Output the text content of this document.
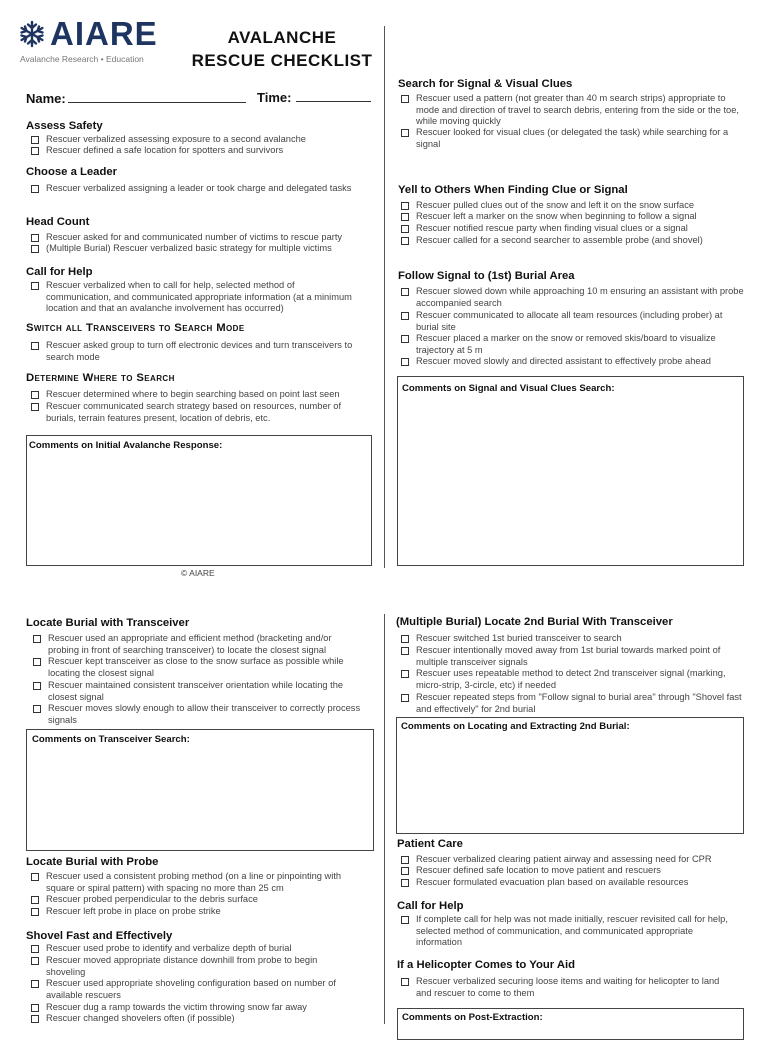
AIARE
Avalanche Research • Education
AVALANCHE
RESCUE CHECKLIST
Name:	Time:
Assess Safety
Rescuer verbalized assessing exposure to a second avalanche
Rescuer defined a safe location for spotters and survivors
Choose a Leader
Rescuer verbalized assigning a leader or took charge and delegated tasks
Head Count
Rescuer asked for and communicated number of victims to rescue party
(Multiple Burial) Rescuer verbalized basic strategy for multiple victims
Call for Help
Rescuer verbalized when to call for help, selected method of communication, and communicated appropriate information (at a minimum location and that an avalanche involvement has occurred)
Switch all Transceivers to Search Mode
Rescuer asked group to turn off electronic devices and turn transceivers to search mode
Determine Where to Search
Rescuer determined where to begin searching based on point last seen
Rescuer communicated search strategy based on resources, number of burials, terrain features present, location of debris, etc.
Comments on Initial Avalanche Response:
© AIARE
Search for Signal & Visual Clues
Rescuer used a pattern (not greater than 40 m search strips) appropriate to mode and direction of travel to search debris, entering from the side or the toe, while moving quickly
Rescuer looked for visual clues (or delegated the task) while searching for a signal
Yell to Others When Finding Clue or Signal
Rescuer pulled clues out of the snow and left it on the snow surface
Rescuer left a marker on the snow when beginning to follow a signal
Rescuer notified rescue party when finding visual clues or a signal
Rescuer called for a second searcher to assemble probe (and shovel)
Follow Signal to (1st) Burial Area
Rescuer slowed down while approaching 10 m ensuring an assistant with probe accompanied search
Rescuer communicated to allocate all team resources (including prober) at burial site
Rescuer placed a marker on the snow or removed skis/board to visualize trajectory at 5 m
Rescuer moved slowly and directed assistant to effectively probe ahead
Comments on Signal and Visual Clues Search:
Locate Burial with Transceiver
Rescuer used an appropriate and efficient method (bracketing and/or probing in front of searching transceiver) to locate the closest signal
Rescuer kept transceiver as close to the snow surface as possible while locating the closest signal
Rescuer maintained consistent transceiver orientation while locating the closest signal
Rescuer moves slowly enough to allow their transceiver to correctly process signals
Comments on Transceiver Search:
Locate Burial with Probe
Rescuer used a consistent probing method (on a line or pinpointing with square or spiral pattern) with spacing no more than 25 cm
Rescuer probed perpendicular to the debris surface
Rescuer left probe in place on probe strike
Shovel Fast and Effectively
Rescuer used probe to identify and verbalize depth of burial
Rescuer moved appropriate distance downhill from probe to begin shoveling
Rescuer used appropriate shoveling configuration based on number of available rescuers
Rescuer dug a ramp towards the victim throwing snow far away
Rescuer changed shovelers often (if possible)
(Multiple Burial) Locate 2nd Burial With Transceiver
Rescuer switched 1st buried transceiver to search
Rescuer intentionally moved away from 1st burial towards marked point of multiple transceiver signals
Rescuer uses repeatable method to detect 2nd transceiver signal (marking, micro-strip, 3-circle, etc) if needed
Rescuer repeated steps from "Follow signal to burial area" through "Shovel fast and effectively" for 2nd burial
Comments on Locating and Extracting 2nd Burial:
Patient Care
Rescuer verbalized clearing patient airway and assessing need for CPR
Rescuer defined safe location to move patient and rescuers
Rescuer formulated evacuation plan based on available resources
Call for Help
If complete call for help was not made initially, rescuer revisited call for help, selected method of communication, and communicated appropriate information
If a Helicopter Comes to Your Aid
Rescuer verbalized securing loose items and waiting for helicopter to land and rescuer to come to them
Comments on Post-Extraction:
